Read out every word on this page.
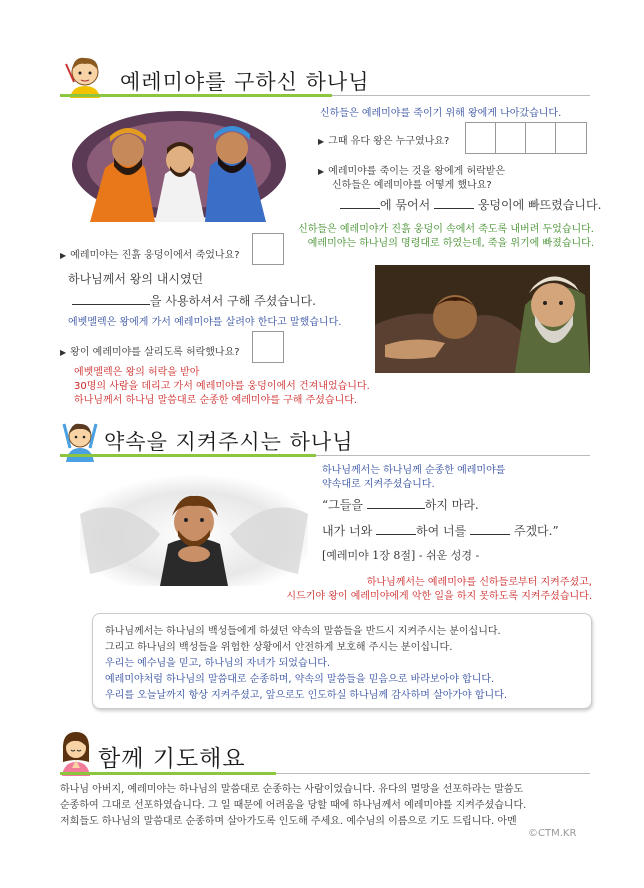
예레미야를 구하신 하나님
신하들은 예레미야를 죽이기 위해 왕에게 나아갔습니다.
▶ 그때 유다 왕은 누구였나요?
▶ 예레미야를 죽이는 것을 왕에게 허락받은
신하들은 예레미야를 어떻게 했나요?
에 묶어서	웅덩이에 빠뜨렸습니다.
신하들은 예레미야가 진흙 웅덩이 속에서 죽도록 내버려 두었습니다.
예레미야는 하나님의 명령대로 하였는데, 죽을 위기에 빠졌습니다.
▶ 예레미야는 진흙 웅덩이에서 죽었나요?
하나님께서 왕의 내시였던
을 사용하셔서 구해 주셨습니다.
에벳멜렉은 왕에게 가서 예레미야를 살려야 한다고 말했습니다.
▶ 왕이 예레미야를 살리도록 허락했나요?
에벳멜렉은 왕의 허락을 받아
30명의 사람을 데리고 가서 예레미야를 웅덩이에서 건져내었습니다.
하나님께서 하나님 말씀대로 순종한 예레미야를 구해 주셨습니다.
약속을 지켜주시는 하나님
하나님께서는 하나님께 순종한 예레미야를
약속대로 지켜주셨습니다.
“그들을	하지 마라.
내가 너와	하여 너를	주겠다.”
[예레미야 1장 8절] - 쉬운 성경 -
하나님께서는 예레미야를 신하들로부터 지켜주셨고,
시드기야 왕이 예레미야에게 악한 일을 하지 못하도록 지켜주셨습니다.
하나님께서는 하나님의 백성들에게 하셨던 약속의 말씀들을 반드시 지켜주시는 분이십니다.
그리고 하나님의 백성들을 위험한 상황에서 안전하게 보호해 주시는 분이십니다.
우리는 예수님을 믿고, 하나님의 자녀가 되었습니다.
예레미야처럼 하나님의 말씀대로 순종하며, 약속의 말씀들을 믿음으로 바라보아야 합니다.
우리를 오늘날까지 항상 지켜주셨고, 앞으로도 인도하실 하나님께 감사하며 살아가야 합니다.
함께 기도해요
하나님 아버지, 예레미야는 하나님의 말씀대로 순종하는 사람이었습니다. 유다의 멸망을 선포하라는 말씀도
순종하여 그대로 선포하였습니다. 그 일 때문에 어려움을 당할 때에 하나님께서 예레미야를 지켜주셨습니다.
저희들도 하나님의 말씀대로 순종하며 살아가도록 인도해 주세요. 예수님의 이름으로 기도 드립니다. 아멘
©CTM.KR
